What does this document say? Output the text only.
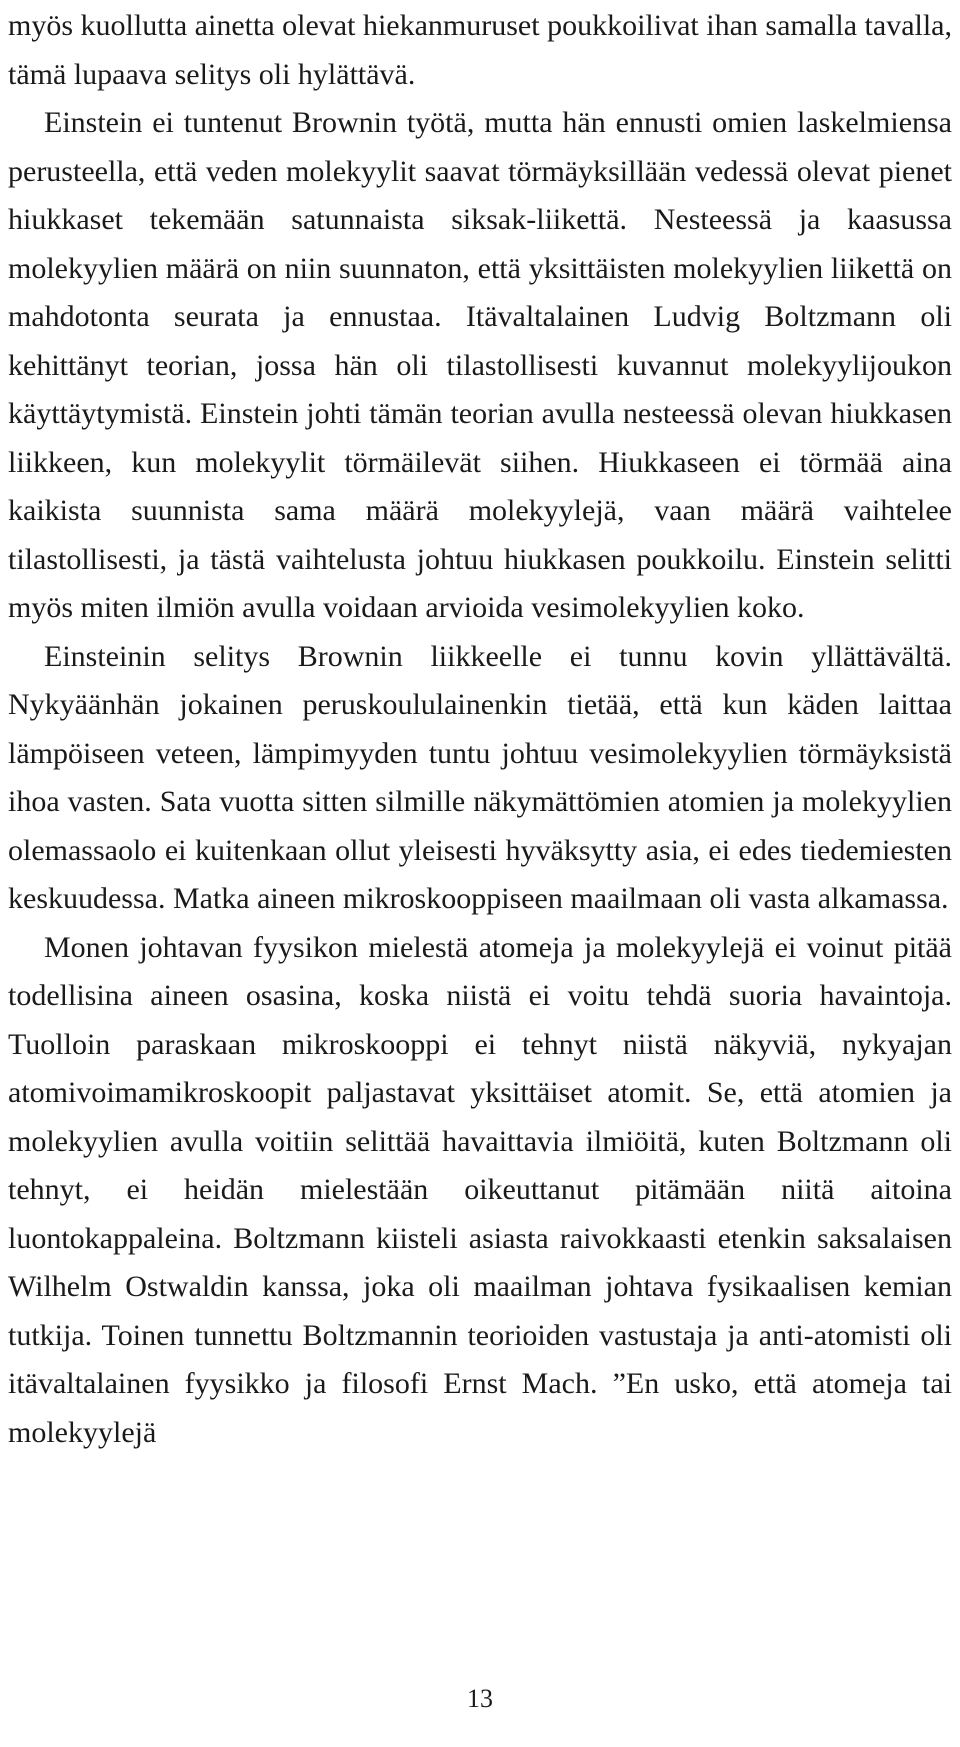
myös kuollutta ainetta olevat hiekanmuruset poukkoilivat ihan samalla tavalla, tämä lupaava selitys oli hylättävä.

Einstein ei tuntenut Brownin työtä, mutta hän ennusti omien laskelmiensa perusteella, että veden molekyylit saavat törmäyksillään vedessä olevat pienet hiukkaset tekemään satunnaista siksak-liikettä. Nesteessä ja kaasussa molekyylien määrä on niin suunnaton, että yksittäisten molekyylien liikettä on mahdotonta seurata ja ennustaa. Itävaltalainen Ludvig Boltzmann oli kehittänyt teorian, jossa hän oli tilastollisesti kuvannut molekyylijoukon käyttäytymistä. Einstein johti tämän teorian avulla nesteessä olevan hiukkasen liikkeen, kun molekyylit törmäilevät siihen. Hiukkaseen ei törmää aina kaikista suunnista sama määrä molekyylejä, vaan määrä vaihtelee tilastollisesti, ja tästä vaihtelusta johtuu hiukkasen poukkoilu. Einstein selitti myös miten ilmiön avulla voidaan arvioida vesimolekyylien koko.

Einsteinin selitys Brownin liikkeelle ei tunnu kovin yllättävältä. Nykyäänhän jokainen peruskoululainenkin tietää, että kun käden laittaa lämpöiseen veteen, lämpimyyden tuntu johtuu vesimolekyylien törmäyksistä ihoa vasten. Sata vuotta sitten silmille näkymättömien atomien ja molekyylien olemassaolo ei kuitenkaan ollut yleisesti hyväksytty asia, ei edes tiedemiesten keskuudessa. Matka aineen mikroskooppiseen maailmaan oli vasta alkamassa.

Monen johtavan fyysikon mielestä atomeja ja molekyylejä ei voinut pitää todellisina aineen osasina, koska niistä ei voitu tehdä suoria havaintoja. Tuolloin paraskaan mikroskooppi ei tehnyt niistä näkyviä, nykyajan atomivoimamikroskoopit paljastavat yksittäiset atomit. Se, että atomien ja molekyylien avulla voitiin selittää havaittavia ilmiöitä, kuten Boltzmann oli tehnyt, ei heidän mielestään oikeuttanut pitämään niitä aitoina luontokappaleina. Boltzmann kiisteli asiasta raivokkaasti etenkin saksalaisen Wilhelm Ostwaldin kanssa, joka oli maailman johtava fysikaalisen kemian tutkija. Toinen tunnettu Boltzmannin teorioiden vastustaja ja anti-atomisti oli itävaltalainen fyysikko ja filosofi Ernst Mach. ”En usko, että atomeja tai molekyylejä

13
